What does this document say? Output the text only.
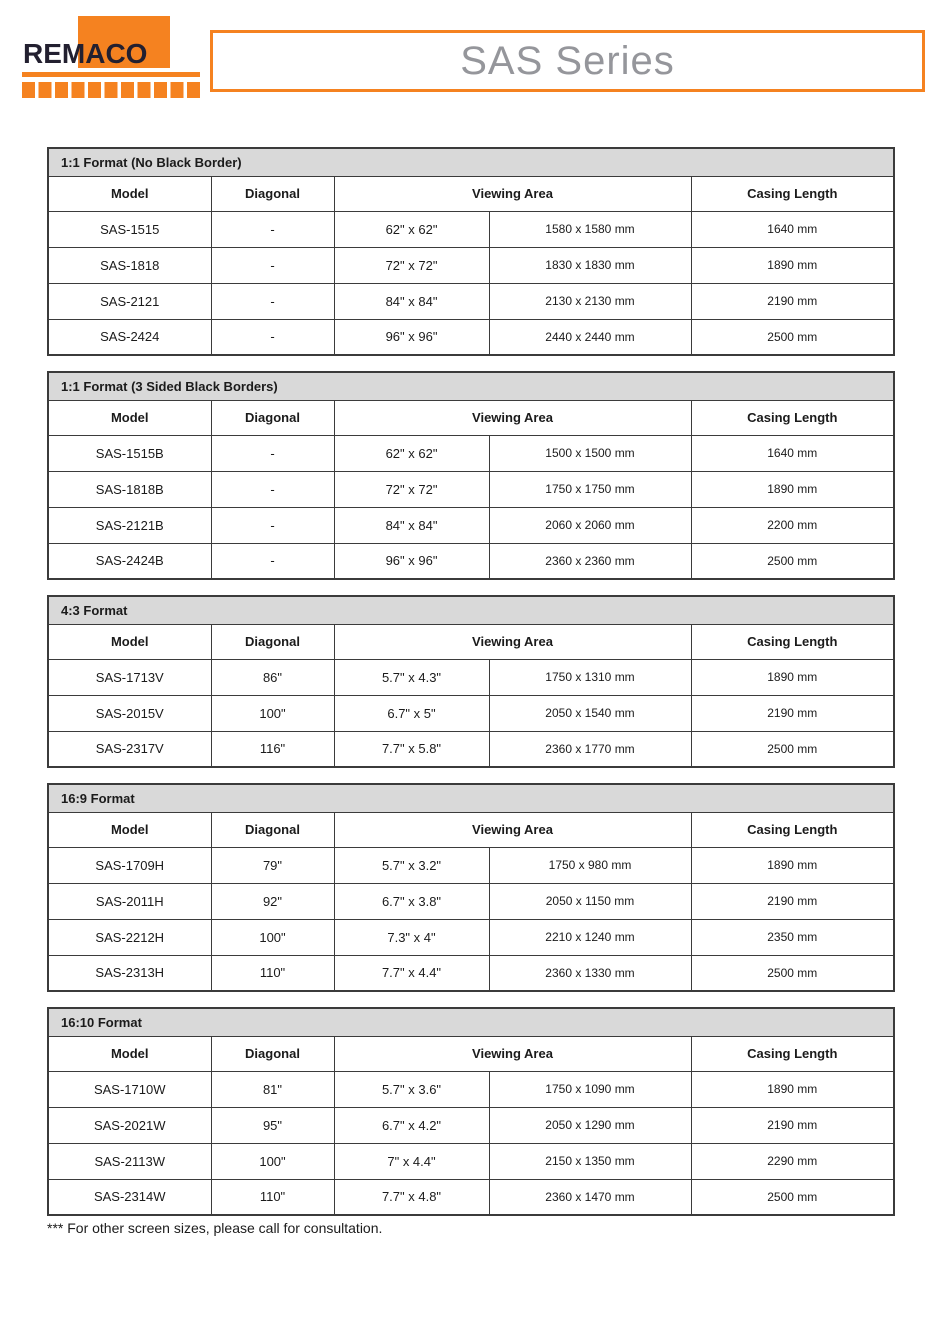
REMACO	SAS Series
1:1 Format (No Black Border)				
Model	Diagonal	Viewing Area		Casing Length
SAS-1515	-	62" x 62"	1580 x 1580 mm	1640 mm
SAS-1818	-	72" x 72"	1830 x 1830 mm	1890 mm
SAS-2121	-	84" x 84"	2130 x 2130 mm	2190 mm
SAS-2424	-	96" x 96"	2440 x 2440 mm	2500 mm
1:1 Format (3 Sided Black Borders)				
Model	Diagonal	Viewing Area		Casing Length
SAS-1515B	-	62" x 62"	1500 x 1500 mm	1640 mm
SAS-1818B	-	72" x 72"	1750 x 1750 mm	1890 mm
SAS-2121B	-	84" x 84"	2060 x 2060 mm	2200 mm
SAS-2424B	-	96" x 96"	2360 x 2360 mm	2500 mm
4:3 Format				
Model	Diagonal	Viewing Area		Casing Length
SAS-1713V	86"	5.7" x 4.3"	1750 x 1310 mm	1890 mm
SAS-2015V	100"	6.7" x 5"	2050 x 1540 mm	2190 mm
SAS-2317V	116"	7.7" x 5.8"	2360 x 1770 mm	2500 mm
16:9 Format				
Model	Diagonal	Viewing Area		Casing Length
SAS-1709H	79"	5.7" x 3.2"	1750 x 980 mm	1890 mm
SAS-2011H	92"	6.7" x 3.8"	2050 x 1150 mm	2190 mm
SAS-2212H	100"	7.3" x 4"	2210 x 1240 mm	2350 mm
SAS-2313H	110"	7.7" x 4.4"	2360 x 1330 mm	2500 mm
16:10 Format				
Model	Diagonal	Viewing Area		Casing Length
SAS-1710W	81"	5.7" x 3.6"	1750 x 1090 mm	1890 mm
SAS-2021W	95"	6.7" x 4.2"	2050 x 1290 mm	2190 mm
SAS-2113W	100"	7" x 4.4"	2150 x 1350 mm	2290 mm
SAS-2314W	110"	7.7" x 4.8"	2360 x 1470 mm	2500 mm
*** For other screen sizes, please call for consultation.
